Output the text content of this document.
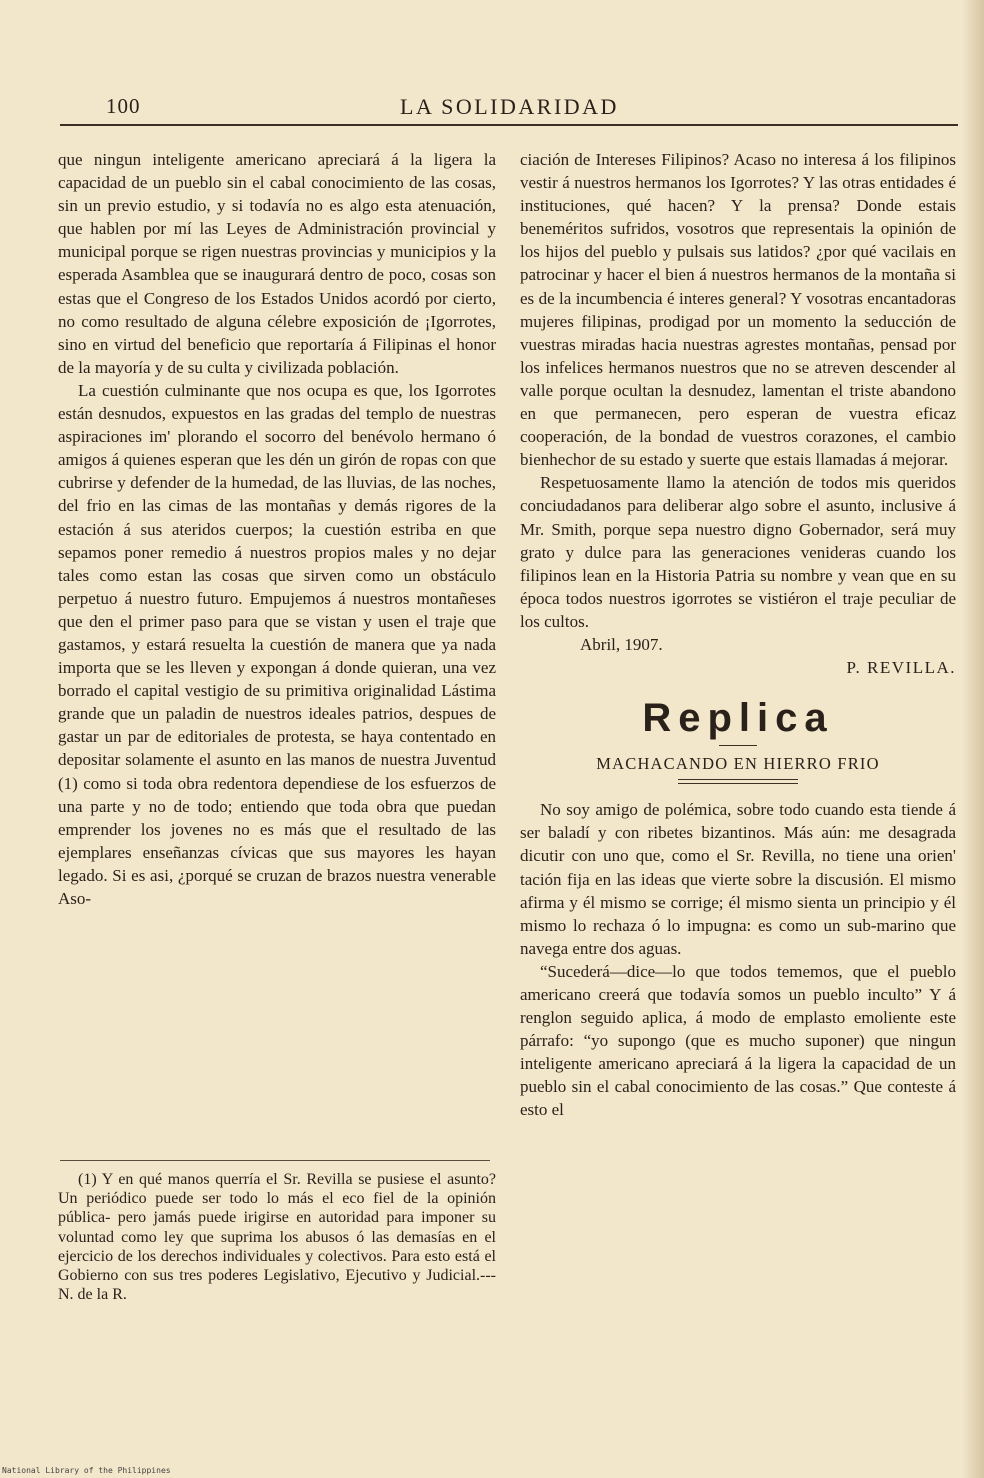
100	LA SOLIDARIDAD

que ningun inteligente americano apreciará á la ligera la capacidad de un pueblo sin el cabal conocimiento de las cosas, sin un previo estudio, y si todavía no es algo esta atenuación, que hablen por mí las Leyes de Administración provincial y municipal porque se rigen nuestras provincias y municipios y la esperada Asamblea que se inaugurará dentro de poco, cosas son estas que el Congreso de los Estados Unidos acordó por cierto, no como resultado de alguna célebre exposición de ¡Igorrotes, sino en virtud del beneficio que reportaría á Filipinas el honor de la mayoría y de su culta y civilizada población.

La cuestión culminante que nos ocupa es que, los Igorrotes están desnudos, expuestos en las gradas del templo de nuestras aspiraciones im' plorando el socorro del benévolo hermano ó amigos á quienes esperan que les dén un girón de ropas con que cubrirse y defender de la humedad, de las lluvias, de las noches, del frio en las cimas de las montañas y demás rigores de la estación á sus ateridos cuerpos; la cuestión estriba en que sepamos poner remedio á nuestros propios males y no dejar tales como estan las cosas que sirven como un obstáculo perpetuo á nuestro futuro. Empujemos á nuestros montañeses que den el primer paso para que se vistan y usen el traje que gastamos, y estará resuelta la cuestión de manera que ya nada importa que se les lleven y expongan á donde quieran, una vez borrado el capital vestigio de su primitiva originalidad Lástima grande que un paladin de nuestros ideales patrios, despues de gastar un par de editoriales de protesta, se haya contentado en depositar solamente el asunto en las manos de nuestra Juventud (1) como si toda obra redentora dependiese de los esfuerzos de una parte y no de todo; entiendo que toda obra que puedan emprender los jovenes no es más que el resultado de las ejemplares enseñanzas cívicas que sus mayores les hayan legado. Si es asi, ¿porqué se cruzan de brazos nuestra venerable Aso-

(1) Y en qué manos querría el Sr. Revilla se pusiese el asunto? Un periódico puede ser todo lo más el eco fiel de la opinión pública- pero jamás puede irigirse en autoridad para imponer su voluntad como ley que suprima los abusos ó las demasías en el ejercicio de los derechos individuales y colectivos. Para esto está el Gobierno con sus tres poderes Legislativo, Ejecutivo y Judicial.---N. de la R.

ciación de Intereses Filipinos? Acaso no interesa á los filipinos vestir á nuestros hermanos los Igorrotes? Y las otras entidades é instituciones, qué hacen? Y la prensa? Donde estais beneméritos sufridos, vosotros que representais la opinión de los hijos del pueblo y pulsais sus latidos? ¿por qué vacilais en patrocinar y hacer el bien á nuestros hermanos de la montaña si es de la incumbencia é interes general? Y vosotras encantadoras mujeres filipinas, prodigad por un momento la seducción de vuestras miradas hacia nuestras agrestes montañas, pensad por los infelices hermanos nuestros que no se atreven descender al valle porque ocultan la desnudez, lamentan el triste abandono en que permanecen, pero esperan de vuestra eficaz cooperación, de la bondad de vuestros corazones, el cambio bienhechor de su estado y suerte que estais llamadas á mejorar.

Respetuosamente llamo la atención de todos mis queridos conciudadanos para deliberar algo sobre el asunto, inclusive á Mr. Smith, porque sepa nuestro digno Gobernador, será muy grato y dulce para las generaciones venideras cuando los filipinos lean en la Historia Patria su nombre y vean que en su época todos nuestros igorrotes se vistiéron el traje peculiar de los cultos.

Abril, 1907.

P. REVILLA.

Replica
MACHACANDO EN HIERRO FRIO

No soy amigo de polémica, sobre todo cuando esta tiende á ser baladí y con ribetes bizantinos. Más aún: me desagrada dicutir con uno que, como el Sr. Revilla, no tiene una orien' tación fija en las ideas que vierte sobre la discusión. El mismo afirma y él mismo se corrige; él mismo sienta un principio y él mismo lo rechaza ó lo impugna: es como un sub-marino que navega entre dos aguas.

“Sucederá—dice—lo que todos tememos, que el pueblo americano creerá que todavía somos un pueblo inculto” Y á renglon seguido aplica, á modo de emplasto emoliente este párrafo: “yo supongo (que es mucho suponer) que ningun inteligente americano apreciará á la ligera la capacidad de un pueblo sin el cabal conocimiento de las cosas.” Que conteste á esto el

National Library of the Philippines
